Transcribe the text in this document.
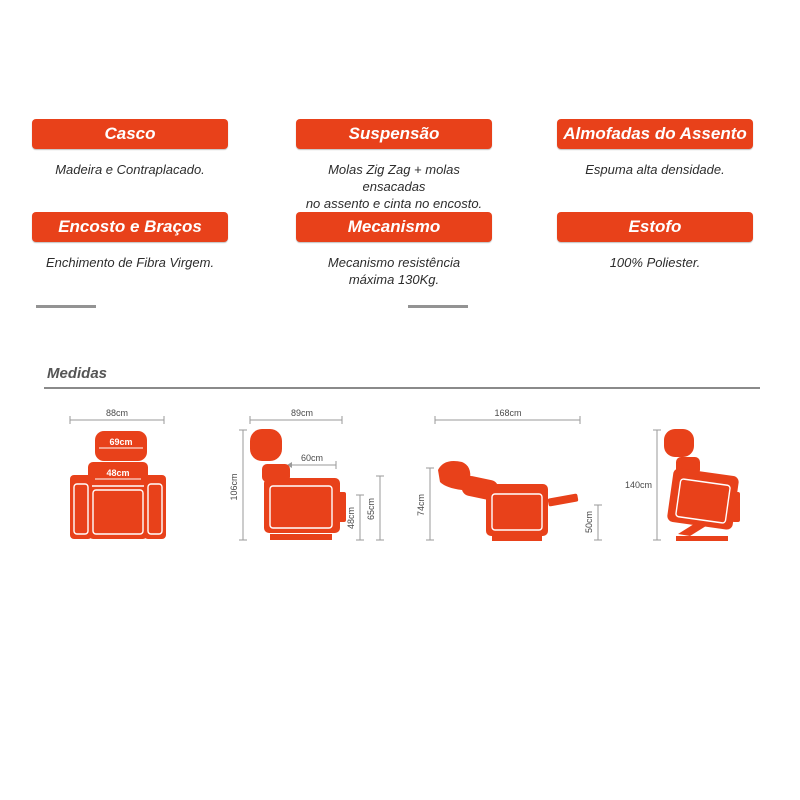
Casco
Madeira e Contraplacado.
Suspensão
Molas Zig Zag + molas ensacadas
no assento e cinta no encosto.
Almofadas do Assento
Espuma alta densidade.
Encosto e Braços
Enchimento de Fibra Virgem.
Mecanismo
Mecanismo resistência
máxima 130Kg.
Estofo
100% Poliester.
Medidas
88cm
69cm
48cm
89cm
106cm
60cm
48cm 65cm
168cm
74cm
50cm
140cm
